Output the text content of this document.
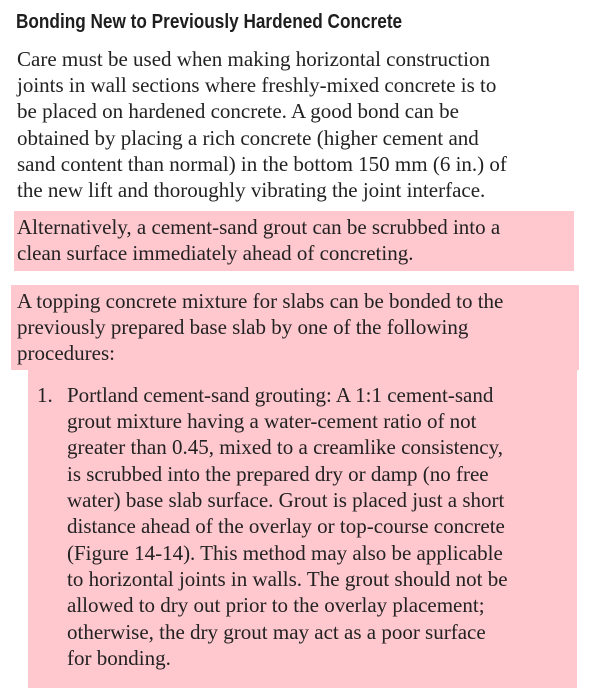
Bonding New to Previously Hardened Concrete

Care must be used when making horizontal construction

joints in wall sections where freshly-mixed concrete is to

be placed on hardened concrete. A good bond can be

obtained by placing a rich concrete (higher cement and

sand content than normal) in the bottom 150 mm (6 in.) of

the new lift and thoroughly vibrating the joint interface.

Alternatively, a cement-sand grout can be scrubbed into a

clean surface immediately ahead of concreting.

A topping concrete mixture for slabs can be bonded to the

previously prepared base slab by one of the following

procedures:

1. Portland cement-sand grouting: A 1:1 cement-sand

grout mixture having a water-cement ratio of not

greater than 0.45, mixed to a creamlike consistency,

is scrubbed into the prepared dry or damp (no free

water) base slab surface. Grout is placed just a short

distance ahead of the overlay or top-course concrete

(Figure 14-14). This method may also be applicable

to horizontal joints in walls. The grout should not be

allowed to dry out prior to the overlay placement;

otherwise, the dry grout may act as a poor surface

for bonding.
